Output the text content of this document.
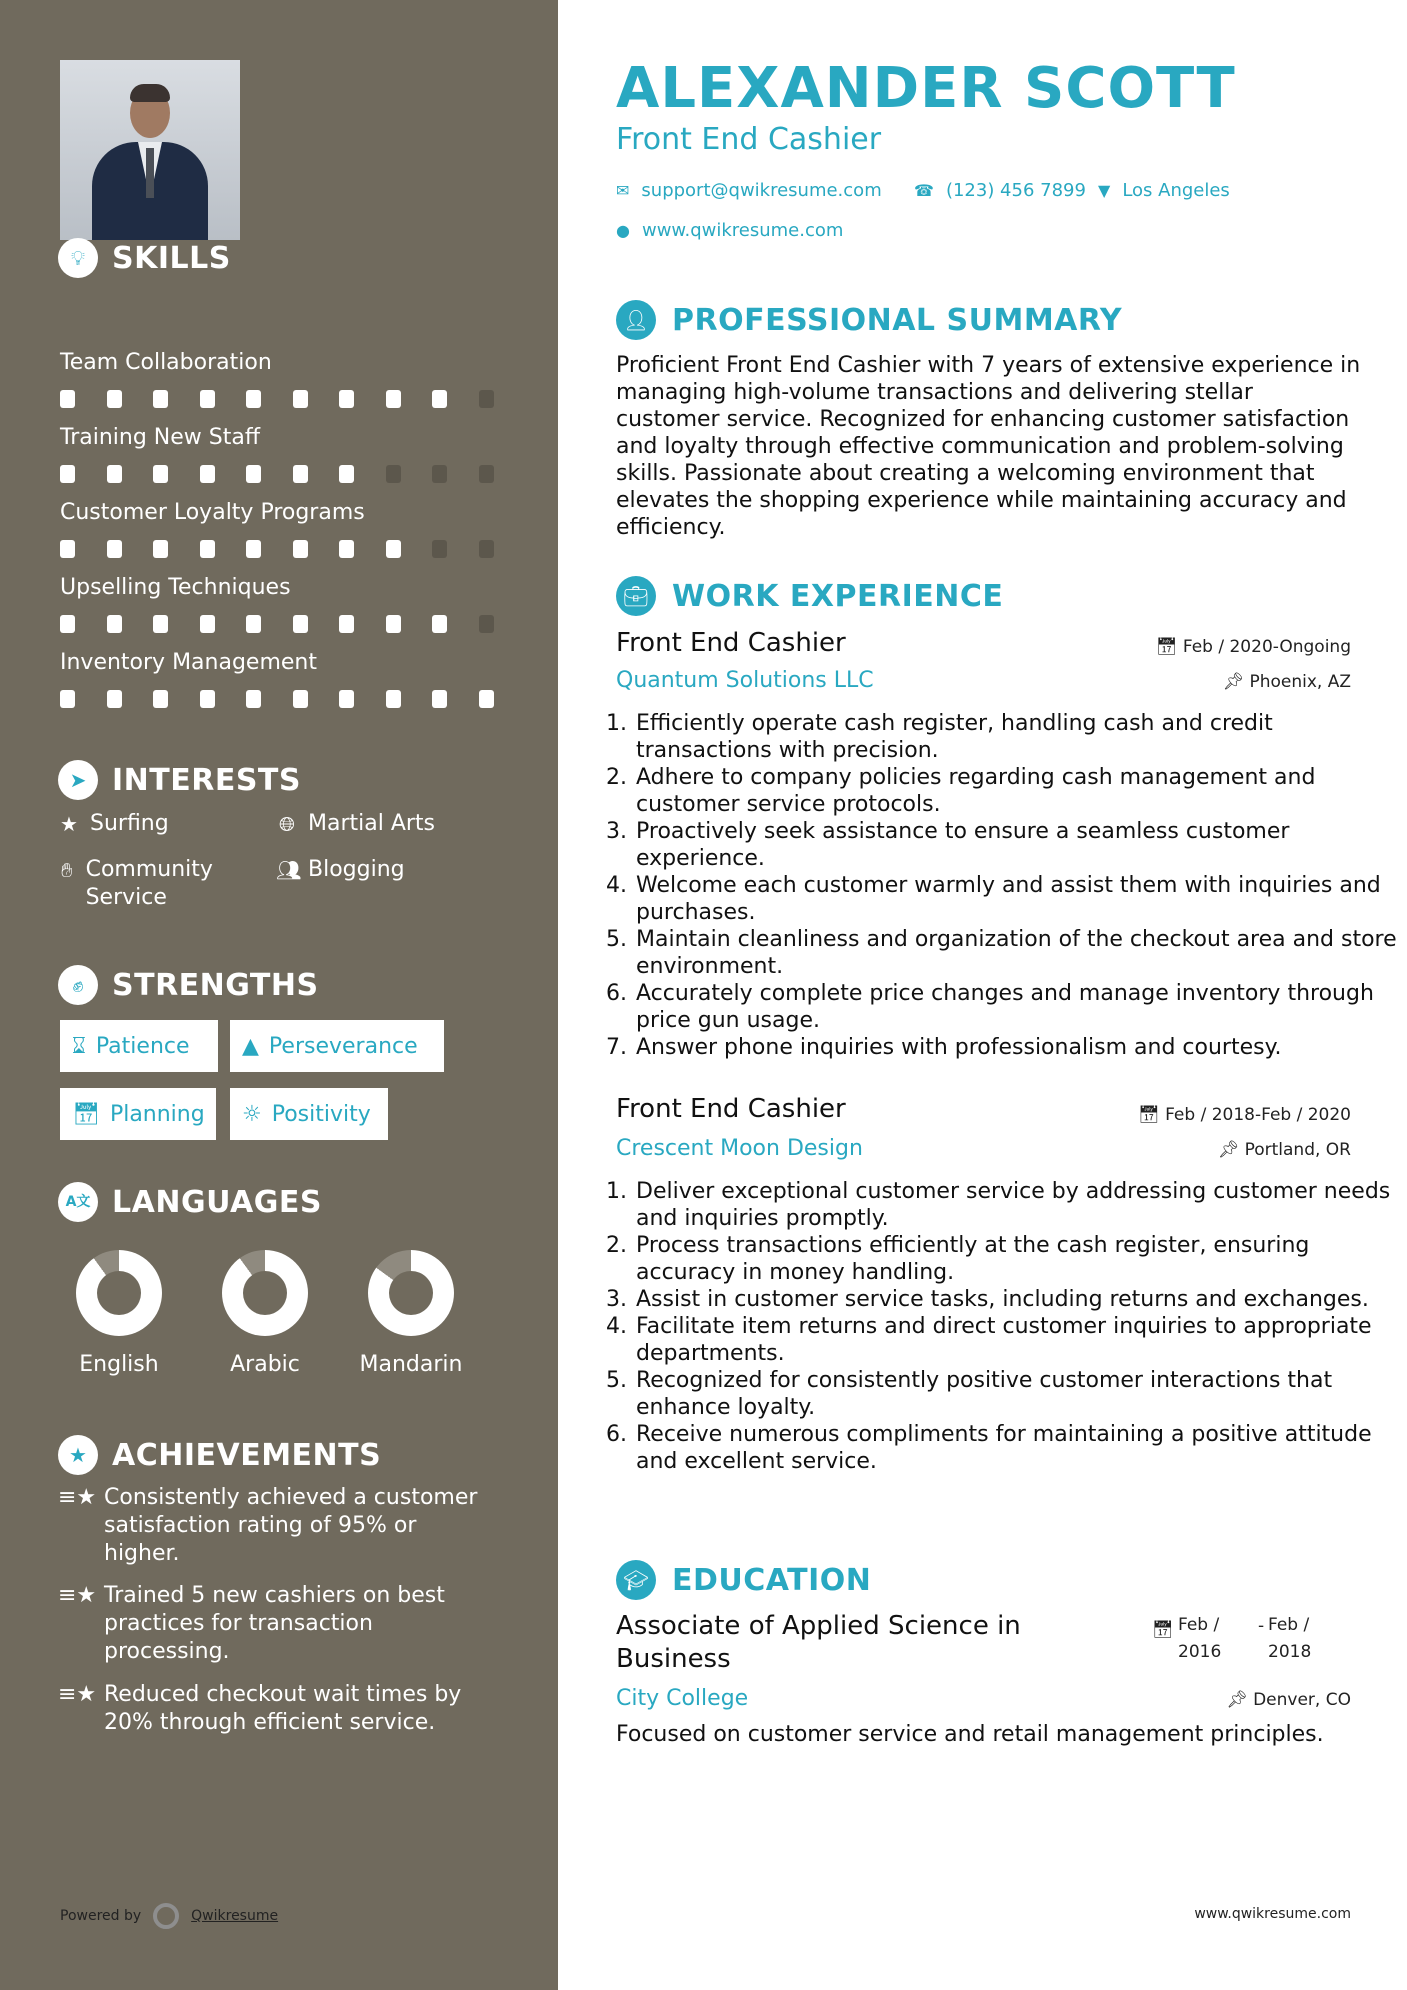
💡︎ SKILLS
Team Collaboration
Training New Staff
Customer Loyalty Programs
Upselling Techniques
Inventory Management
➤ INTERESTS
★ Surfing	🌐︎ Martial Arts
✋︎ Community Service
👥︎ Blogging
✊︎ STRENGTHS
⌛︎ Patience ▲ Perseverance
📅︎ Planning ☼ Positivity
A文 LANGUAGES
English	Arabic	Mandarin
★ ACHIEVEMENTS
≡★ Consistently achieved a customer satisfaction rating of 95% or higher.
≡★ Trained 5 new cashiers on best practices for transaction processing.
≡★ Reduced checkout wait times by 20% through efficient service.
Powered by	Qwikresume
ALEXANDER SCOTT
Front End Cashier
✉ support@qwikresume.com ☎ (123) 456 7899 ▼ Los Angeles
● www.qwikresume.com
👤︎ PROFESSIONAL SUMMARY
Proficient Front End Cashier with 7 years of extensive experience in managing high-volume transactions and delivering stellar customer service. Recognized for enhancing customer satisfaction and loyalty through effective communication and problem-solving skills. Passionate about creating a welcoming environment that elevates the shopping experience while maintaining accuracy and efficiency.
💼︎ WORK EXPERIENCE
Front End Cashier	📅︎ Feb / 2020-Ongoing
Quantum Solutions LLC	📌︎ Phoenix, AZ
1. Efficiently operate cash register, handling cash and credit transactions with precision.
2. Adhere to company policies regarding cash management and customer service protocols.
3. Proactively seek assistance to ensure a seamless customer experience.
4. Welcome each customer warmly and assist them with inquiries and purchases.
5. Maintain cleanliness and organization of the checkout area and store environment.
6. Accurately complete price changes and manage inventory through price gun usage.
7. Answer phone inquiries with professionalism and courtesy.
Front End Cashier	📅︎ Feb / 2018-Feb / 2020
Crescent Moon Design	📌︎ Portland, OR
1. Deliver exceptional customer service by addressing customer needs and inquiries promptly.
2. Process transactions efficiently at the cash register, ensuring accuracy in money handling.
3. Assist in customer service tasks, including returns and exchanges.
4. Facilitate item returns and direct customer inquiries to appropriate departments.
5. Recognized for consistently positive customer interactions that enhance loyalty.
6. Receive numerous compliments for maintaining a positive attitude and excellent service.
🎓︎ EDUCATION
Associate of Applied Science in Business
📅︎ Feb /
2016
- Feb /
2018
City College	📌︎ Denver, CO
Focused on customer service and retail management principles.
www.qwikresume.com
